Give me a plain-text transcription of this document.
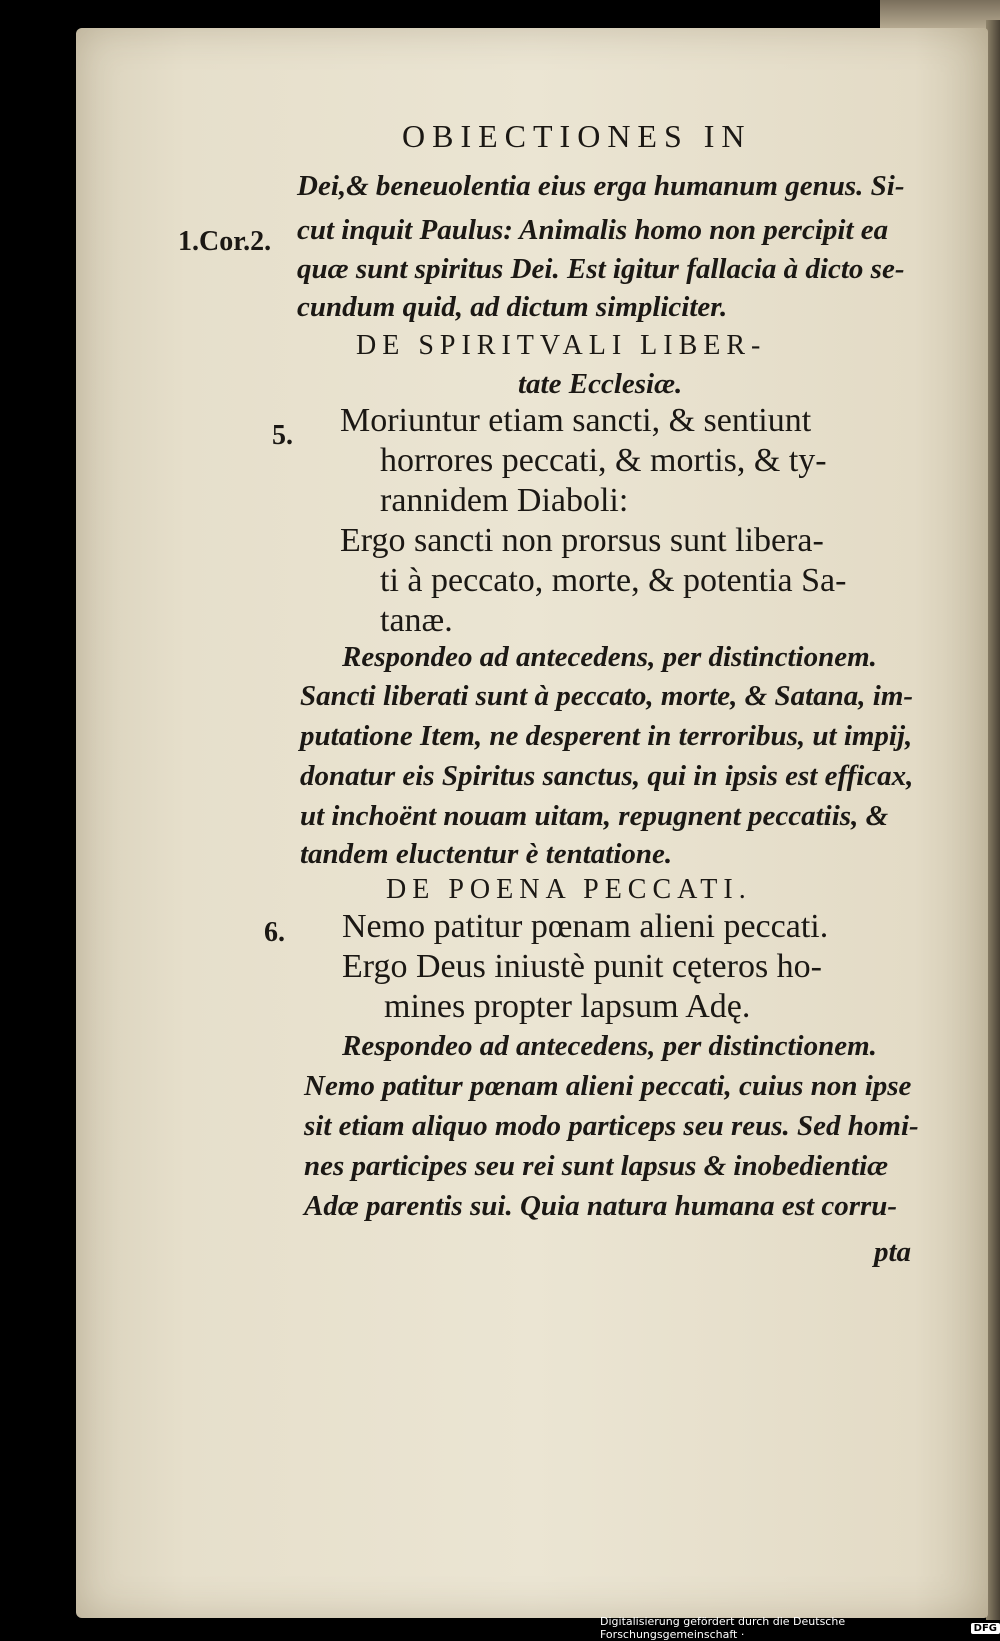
OBIECTIONES IN
1.Cor.2.
5.
6.
Dei,& beneuolentia eius erga humanum genus. Si-
cut inquit Paulus: Animalis homo non percipit ea
quæ sunt spiritus Dei. Est igitur fallacia à dicto se-
cundum quid, ad dictum simpliciter.
DE SPIRITVALI LIBER-
tate Ecclesiæ.
Moriuntur etiam sancti, & sentiunt
horrores peccati, & mortis, & ty-
rannidem Diaboli:
Ergo sancti non prorsus sunt libera-
ti à peccato, morte, & potentia Sa-
tanæ.
Respondeo ad antecedens, per distinctionem.
Sancti liberati sunt à peccato, morte, & Satana, im-
putatione Item, ne desperent in terroribus, ut impij,
donatur eis Spiritus sanctus, qui in ipsis est efficax,
ut inchoënt nouam uitam, repugnent peccatiis, &
tandem eluctentur è tentatione.
DE POENA PECCATI.
Nemo patitur pœnam alieni peccati.
Ergo Deus iniustè punit cęteros ho-
mines propter lapsum Adę.
Respondeo ad antecedens, per distinctionem.
Nemo patitur pœnam alieni peccati, cuius non ipse
sit etiam aliquo modo particeps seu reus. Sed homi-
nes participes seu rei sunt lapsus & inobedientiæ
Adæ parentis sui. Quia natura humana est corru-
pta
Digitalisierung gefördert durch die Deutsche Forschungsgemeinschaft ·	DFG
